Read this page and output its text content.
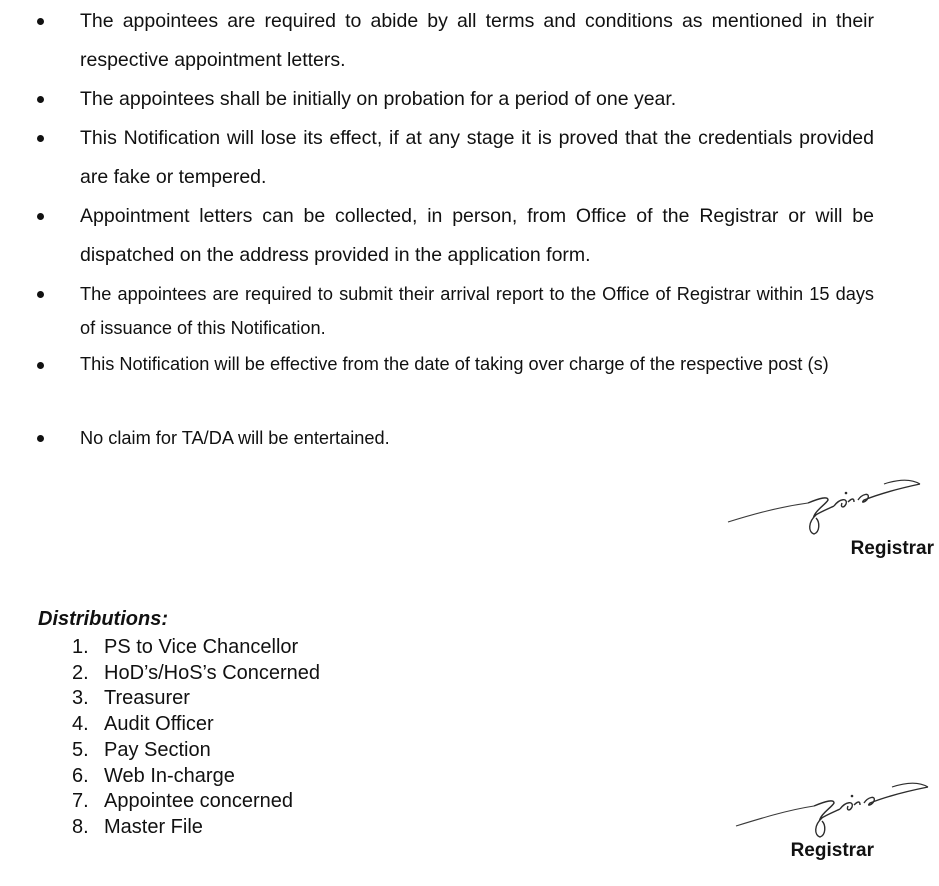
The appointees are required to abide by all terms and conditions as mentioned in their respective appointment letters.
The appointees shall be initially on probation for a period of one year.
This Notification will lose its effect, if at any stage it is proved that the credentials provided are fake or tempered.
Appointment letters can be collected, in person, from Office of the Registrar or will be dispatched on the address provided in the application form.
The appointees are required to submit their arrival report to the Office of Registrar within 15 days of issuance of this Notification.
This Notification will be effective from the date of taking over charge of the respective post (s)
No claim for TA/DA will be entertained.
Registrar
Distributions:
1. PS to Vice Chancellor
2. HoD’s/HoS’s Concerned
3. Treasurer
4. Audit Officer
5. Pay Section
6. Web In-charge
7. Appointee concerned
8. Master File
Registrar
